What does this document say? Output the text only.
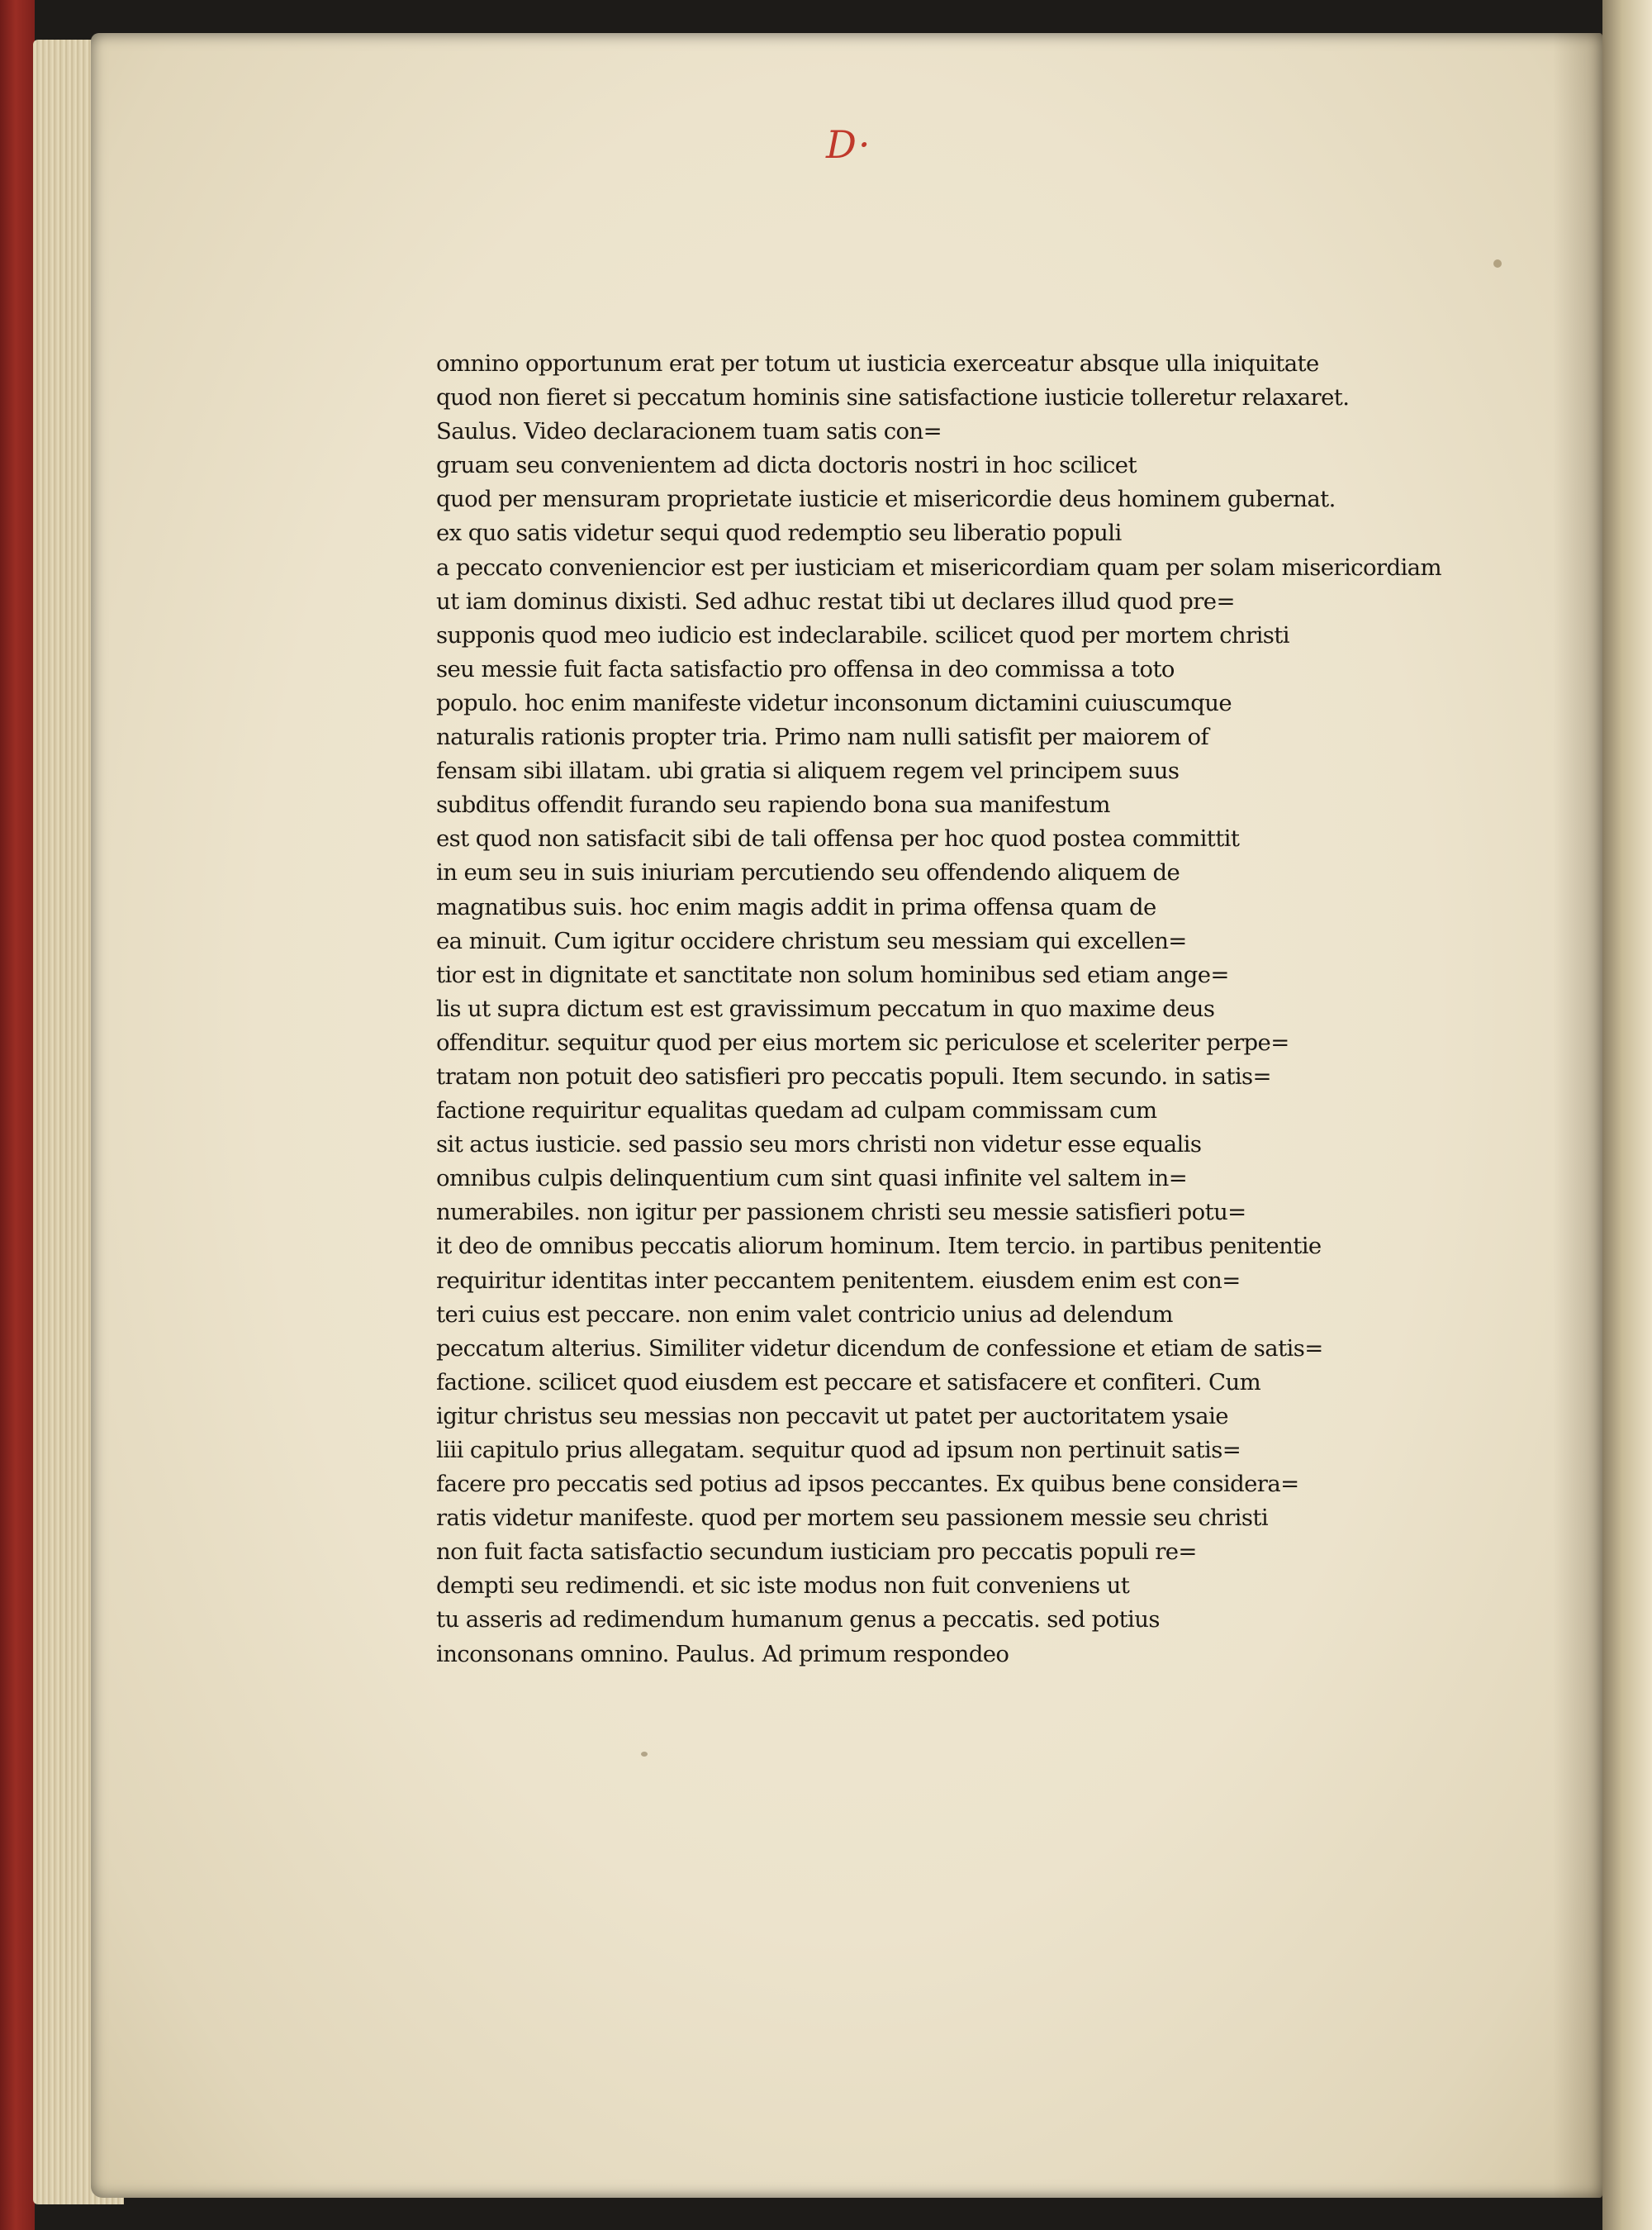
D·
omnino opportunum erat per totum ut iusticia exerceatur absque ulla iniquitate
quod non fieret si peccatum hominis sine satisfactione iusticie tolleretur relaxaret.
Saulus. Video declaracionem tuam satis con=
gruam seu convenientem ad dicta doctoris nostri in hoc scilicet
quod per mensuram proprietate iusticie et misericordie deus hominem gubernat.
ex quo satis videtur sequi quod redemptio seu liberatio populi
a peccato conveniencior est per iusticiam et misericordiam quam per solam misericordiam
ut iam dominus dixisti. Sed adhuc restat tibi ut declares illud quod pre=
supponis quod meo iudicio est indeclarabile. scilicet quod per mortem christi
seu messie fuit facta satisfactio pro offensa in deo commissa a toto
populo. hoc enim manifeste videtur inconsonum dictamini cuiuscumque
naturalis rationis propter tria. Primo nam nulli satisfit per maiorem of
fensam sibi illatam. ubi gratia si aliquem regem vel principem suus
subditus offendit furando seu rapiendo bona sua manifestum
est quod non satisfacit sibi de tali offensa per hoc quod postea committit
in eum seu in suis iniuriam percutiendo seu offendendo aliquem de
magnatibus suis. hoc enim magis addit in prima offensa quam de
ea minuit. Cum igitur occidere christum seu messiam qui excellen=
tior est in dignitate et sanctitate non solum hominibus sed etiam ange=
lis ut supra dictum est est gravissimum peccatum in quo maxime deus
offenditur. sequitur quod per eius mortem sic periculose et sceleriter perpe=
tratam non potuit deo satisfieri pro peccatis populi. Item secundo. in satis=
factione requiritur equalitas quedam ad culpam commissam cum
sit actus iusticie. sed passio seu mors christi non videtur esse equalis
omnibus culpis delinquentium cum sint quasi infinite vel saltem in=
numerabiles. non igitur per passionem christi seu messie satisfieri potu=
it deo de omnibus peccatis aliorum hominum. Item tercio. in partibus penitentie
requiritur identitas inter peccantem penitentem. eiusdem enim est con=
teri cuius est peccare. non enim valet contricio unius ad delendum
peccatum alterius. Similiter videtur dicendum de confessione et etiam de satis=
factione. scilicet quod eiusdem est peccare et satisfacere et confiteri. Cum
igitur christus seu messias non peccavit ut patet per auctoritatem ysaie
liii capitulo prius allegatam. sequitur quod ad ipsum non pertinuit satis=
facere pro peccatis sed potius ad ipsos peccantes. Ex quibus bene considera=
ratis videtur manifeste. quod per mortem seu passionem messie seu christi
non fuit facta satisfactio secundum iusticiam pro peccatis populi re=
dempti seu redimendi. et sic iste modus non fuit conveniens ut
tu asseris ad redimendum humanum genus a peccatis. sed potius
inconsonans omnino. Paulus. Ad primum respondeo
